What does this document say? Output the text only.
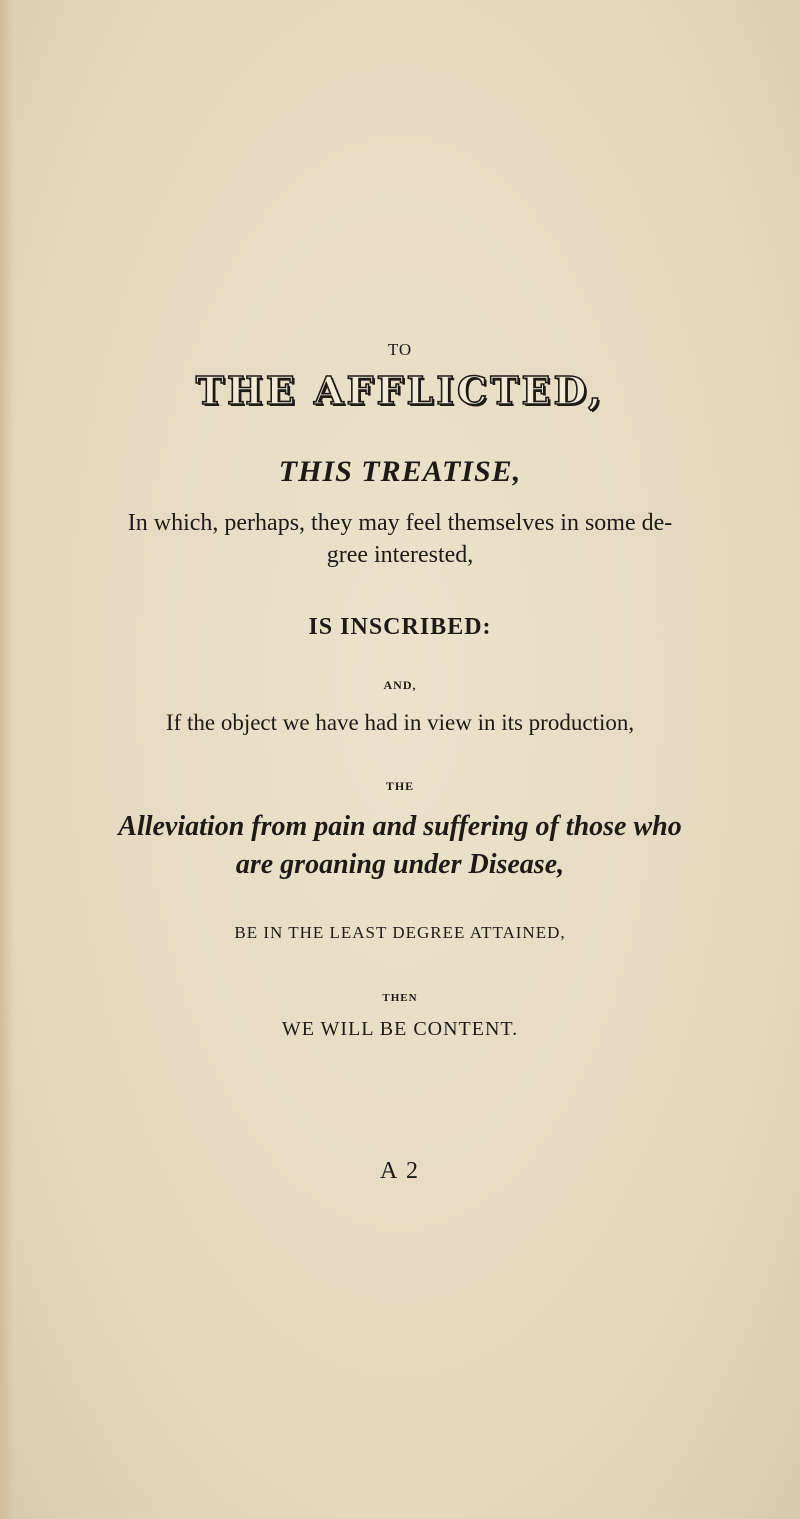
TO
THE AFFLICTED,
THIS TREATISE,
In which, perhaps, they may feel themselves in some de-
gree interested,
IS INSCRIBED:
AND,
If the object we have had in view in its production,
THE
Alleviation from pain and suffering of those who
are groaning under Disease,
BE IN THE LEAST DEGREE ATTAINED,
THEN
WE WILL BE CONTENT.
A 2
